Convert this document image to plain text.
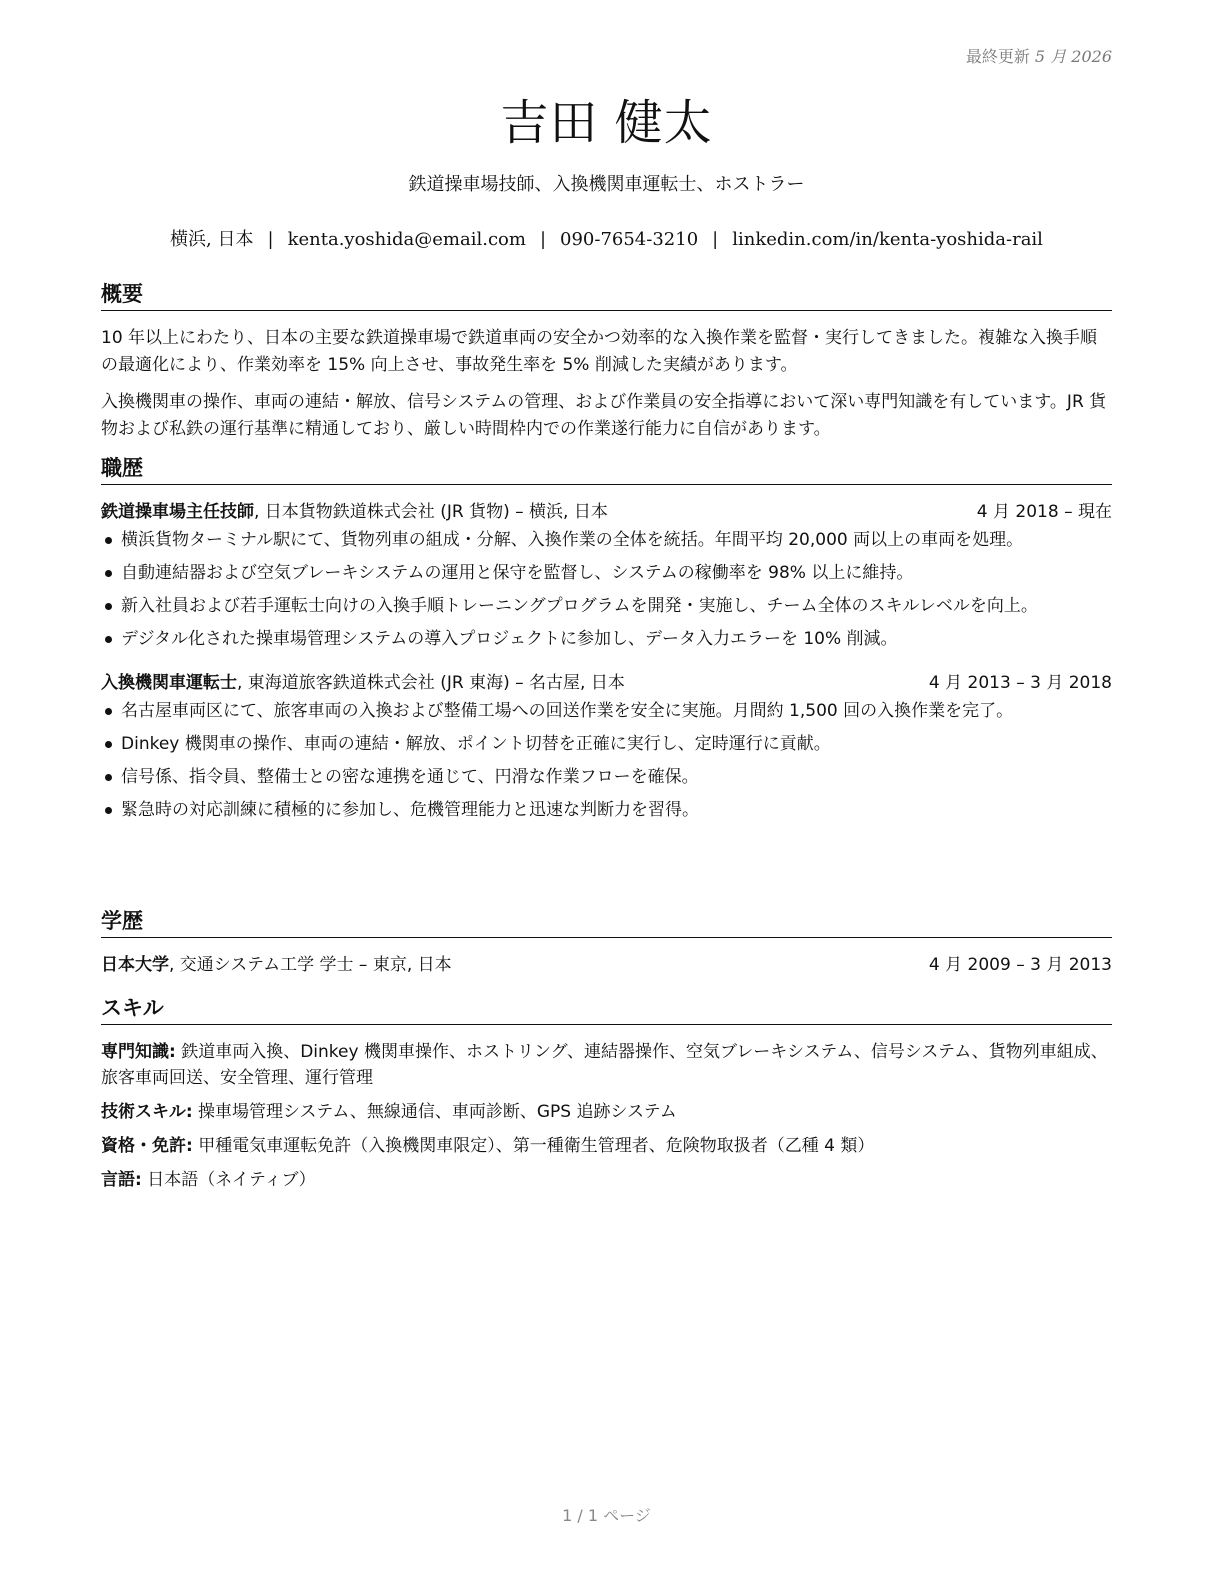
最終更新 5 月 2026
吉田 健太
鉄道操車場技師、入換機関車運転士、ホストラー
横浜, 日本 | kenta.yoshida@email.com | 090-7654-3210 | linkedin.com/in/kenta-yoshida-rail
概要

10 年以上にわたり、日本の主要な鉄道操車場で鉄道車両の安全かつ効率的な入換作業を監督・実行してきました。複雑な入換手順の最適化により、作業効率を 15% 向上させ、事故発生率を 5% 削減した実績があります。

入換機関車の操作、車両の連結・解放、信号システムの管理、および作業員の安全指導において深い専門知識を有しています。JR 貨物および私鉄の運行基準に精通しており、厳しい時間枠内での作業遂行能力に自信があります。

職歴
鉄道操車場主任技師, 日本貨物鉄道株式会社 (JR 貨物) – 横浜, 日本	4 月 2018 – 現在
横浜貨物ターミナル駅にて、貨物列車の組成・分解、入換作業の全体を統括。年間平均 20,000 両以上の車両を処理。
自動連結器および空気ブレーキシステムの運用と保守を監督し、システムの稼働率を 98% 以上に維持。
新入社員および若手運転士向けの入換手順トレーニングプログラムを開発・実施し、チーム全体のスキルレベルを向上。
デジタル化された操車場管理システムの導入プロジェクトに参加し、データ入力エラーを 10% 削減。
入換機関車運転士, 東海道旅客鉄道株式会社 (JR 東海) – 名古屋, 日本	4 月 2013 – 3 月 2018
名古屋車両区にて、旅客車両の入換および整備工場への回送作業を安全に実施。月間約 1,500 回の入換作業を完了。
Dinkey 機関車の操作、車両の連結・解放、ポイント切替を正確に実行し、定時運行に貢献。
信号係、指令員、整備士との密な連携を通じて、円滑な作業フローを確保。
緊急時の対応訓練に積極的に参加し、危機管理能力と迅速な判断力を習得。
学歴
日本大学, 交通システム工学 学士 – 東京, 日本	4 月 2009 – 3 月 2013
スキル
専門知識: 鉄道車両入換、Dinkey 機関車操作、ホストリング、連結器操作、空気ブレーキシステム、信号システム、貨物列車組成、旅客車両回送、安全管理、運行管理
技術スキル: 操車場管理システム、無線通信、車両診断、GPS 追跡システム
資格・免許: 甲種電気車運転免許（入換機関車限定）、第一種衛生管理者、危険物取扱者（乙種 4 類）
言語: 日本語（ネイティブ）
1 / 1 ページ
